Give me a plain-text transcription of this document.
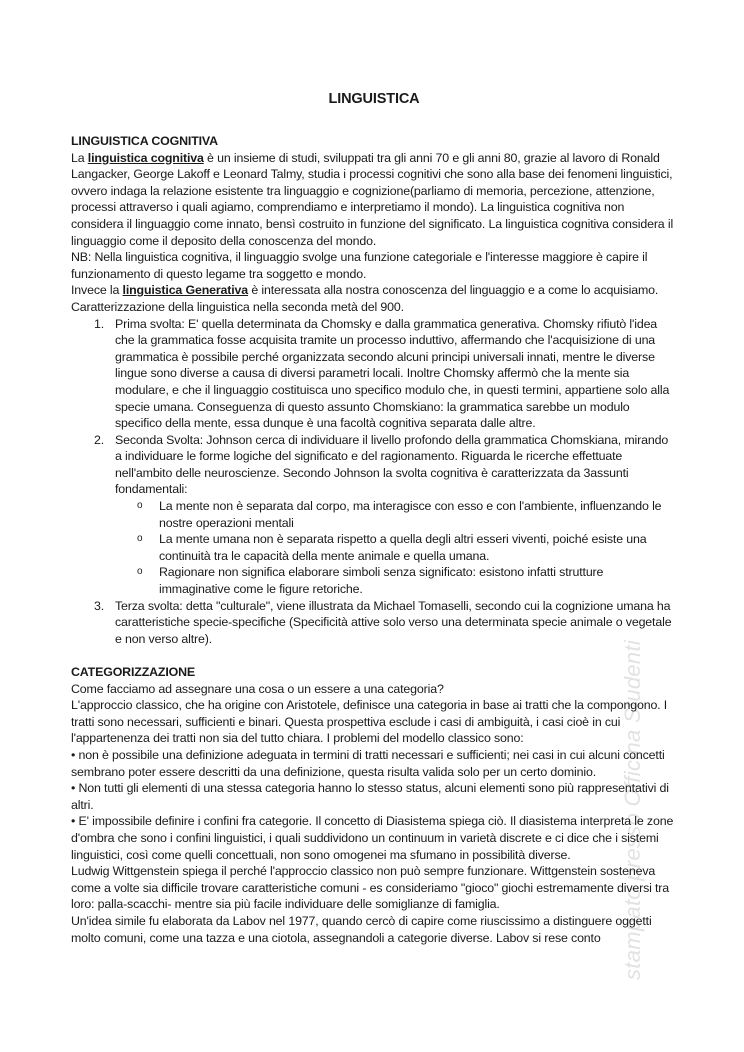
stampato presso Officina Studenti
LINGUISTICA
LINGUISTICA COGNITIVA

La linguistica cognitiva è un insieme di studi, sviluppati tra gli anni 70 e gli anni 80, grazie al lavoro di Ronald Langacker, George Lakoff e Leonard Talmy, studia i processi cognitivi che sono alla base dei fenomeni linguistici, ovvero indaga la relazione esistente tra linguaggio e cognizione(parliamo di memoria, percezione, attenzione, processi attraverso i quali agiamo, comprendiamo e interpretiamo il mondo). La linguistica cognitiva non considera il linguaggio come innato, bensì costruito in funzione del significato. La linguistica cognitiva considera il linguaggio come il deposito della conoscenza del mondo.

NB: Nella linguistica cognitiva, il linguaggio svolge una funzione categoriale e l'interesse maggiore è capire il funzionamento di questo legame tra soggetto e mondo.

Invece la linguistica Generativa è interessata alla nostra conoscenza del linguaggio e a come lo acquisiamo.

Caratterizzazione della linguistica nella seconda metà del 900.

1. Prima svolta: E' quella determinata da Chomsky e dalla grammatica generativa. Chomsky rifiutò l'idea che la grammatica fosse acquisita tramite un processo induttivo, affermando che l'acquisizione di una grammatica è possibile perché organizzata secondo alcuni principi universali innati, mentre le diverse lingue sono diverse a causa di diversi parametri locali. Inoltre Chomsky affermò che la mente sia modulare, e che il linguaggio costituisca uno specifico modulo che, in questi termini, appartiene solo alla specie umana. Conseguenza di questo assunto Chomskiano: la grammatica sarebbe un modulo specifico della mente, essa dunque è una facoltà cognitiva separata dalle altre.
2. Seconda Svolta: Johnson cerca di individuare il livello profondo della grammatica Chomskiana, mirando a individuare le forme logiche del significato e del ragionamento. Riguarda le ricerche effettuate nell'ambito delle neuroscienze. Secondo Johnson la svolta cognitiva è caratterizzata da 3assunti fondamentali:
o La mente non è separata dal corpo, ma interagisce con esso e con l'ambiente, influenzando le nostre operazioni mentali
o La mente umana non è separata rispetto a quella degli altri esseri viventi, poiché esiste una continuità tra le capacità della mente animale e quella umana.
o Ragionare non significa elaborare simboli senza significato: esistono infatti strutture immaginative come le figure retoriche.
3. Terza svolta: detta "culturale", viene illustrata da Michael Tomaselli, secondo cui la cognizione umana ha caratteristiche specie-specifiche (Specificità attive solo verso una determinata specie animale o vegetale e non verso altre).
CATEGORIZZAZIONE

Come facciamo ad assegnare una cosa o un essere a una categoria?

L'approccio classico, che ha origine con Aristotele, definisce una categoria in base ai tratti che la compongono. I tratti sono necessari, sufficienti e binari. Questa prospettiva esclude i casi di ambiguità, i casi cioè in cui l'appartenenza dei tratti non sia del tutto chiara. I problemi del modello classico sono:

• non è possibile una definizione adeguata in termini di tratti necessari e sufficienti; nei casi in cui alcuni concetti sembrano poter essere descritti da una definizione, questa risulta valida solo per un certo dominio.

• Non tutti gli elementi di una stessa categoria hanno lo stesso status, alcuni elementi sono più rappresentativi di altri.

• E' impossibile definire i confini fra categorie. Il concetto di Diasistema spiega ciò. Il diasistema interpreta le zone d'ombra che sono i confini linguistici, i quali suddividono un continuum in varietà discrete e ci dice che i sistemi linguistici, così come quelli concettuali, non sono omogenei ma sfumano in possibilità diverse.

Ludwig Wittgenstein spiega il perché l'approccio classico non può sempre funzionare. Wittgenstein sosteneva come a volte sia difficile trovare caratteristiche comuni - es consideriamo "gioco" giochi estremamente diversi tra loro: palla-scacchi- mentre sia più facile individuare delle somiglianze di famiglia.

Un'idea simile fu elaborata da Labov nel 1977, quando cercò di capire come riuscissimo a distinguere oggetti molto comuni, come una tazza e una ciotola, assegnandoli a categorie diverse. Labov si rese conto
